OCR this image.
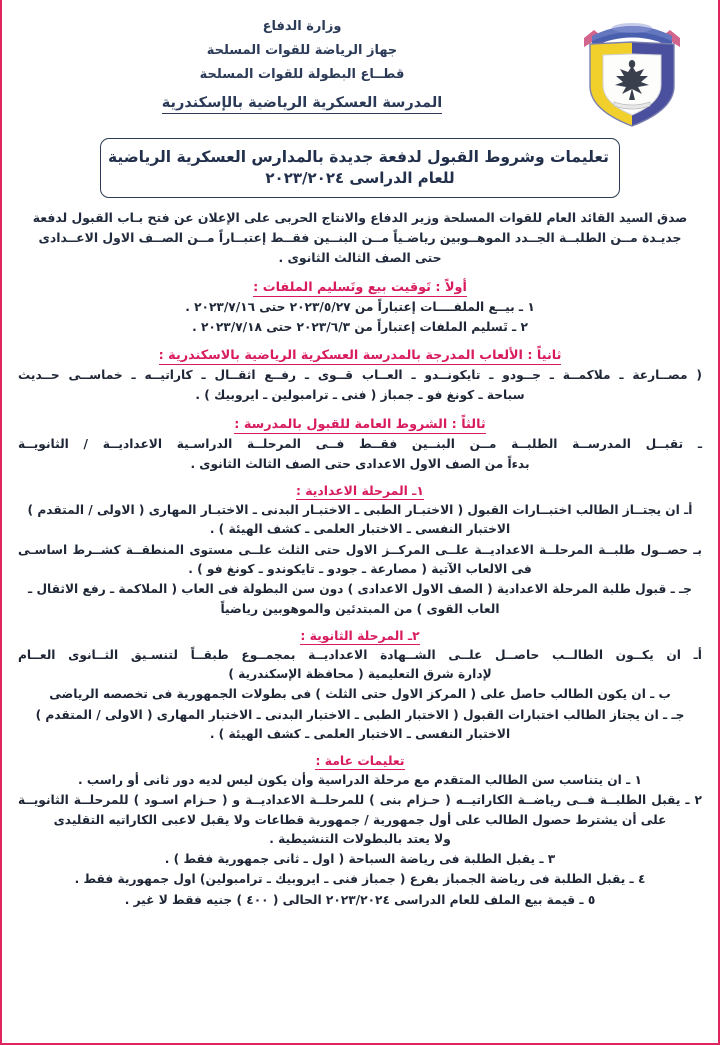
وزارة الدفاع
جهاز الرياضة للقوات المسلحة
قطــاع البطولة للقوات المسلحة
المدرسة العسكرية الرياضية بالإسكندرية
تعليمات وشروط القبول لدفعة جديدة بالمدارس العسكرية الرياضية
للعام الدراسى ٢٠٢٣/٢٠٢٤
صدق السيد القائد العام للقوات المسلحة وزير الدفاع والانتاج الحربى على الإعلان عن فتح بـاب القبول لدفعة
جديـدة مــن الطلبــة الجــدد الموهــوبين رياضـياً مــن البنــين فقــط إعتبــاراً مــن الصــف الاول الاعــدادى
حتى الصف الثالث الثانوى .
أولاً : تَوقيت بيع وتَسليم الملفات :
١ ـ بيــع الملفــــات إعتباراً من ٢٠٢٣/٥/٢٧ حتى ٢٠٢٣/٧/١٦ .
٢ ـ تَسليم الملفات إعتباراً من ٢٠٢٣/٦/٣ حتى ٢٠٢٣/٧/١٨ .
ثانياً : الألعاب المدرجة بالمدرسة العسكرية الرياضية بالاسكندرية :
( مصــارعة ـ ملاكمــة ـ جــودو ـ تايكونــدو ـ العــاب قــوى ـ رفــع اثقــال ـ كاراتيــه ـ خماســى حــديث
سباحة ـ كونغ فو ـ جمباز ( فنى ـ ترامبولين ـ ايروبيك ) .
ثالثاً : الشروط العامة للقبول بالمدرسة :
ـ تقبــل المدرســة الطلبــة مــن البنــين فقــط فــى المرحلــة الدراسـية الاعداديــة / الثانويــة
بدءاً من الصف الاول الاعدادى حتى الصف الثالث الثانوى .
١ـ المرحلة الاعدادية :
أـ ان يجتــاز الطالب اختبــارات القبول ( الاختبـار الطبى ـ الاختبـار البدنى ـ الاختبـار المهارى ( الاولى / المتقدم )
الاختبار النفسى ـ الاختبار العلمى ـ كشف الهيئة ) .
بـ حصــول طلبــة المرحلــة الاعداديــة علــى المركــز الاول حتى الثلث علــى مستوى المنطقــة كشــرط اساسـى
فى الالعاب الآتية ( مصارعة ـ جودو ـ تايكوندو ـ كونغ فو ) .
جـ ـ قبول طلبة المرحلة الاعدادية ( الصف الاول الاعدادى ) دون سن البطولة فى العاب ( الملاكمة ـ رفع الاثقال ـ
العاب القوى ) من المبتدئين والموهوبين رياضياً
٢ـ المرحلة الثانوية :
أـ ان يكــون الطالــب حاصــل علــى الشــهادة الاعداديــة بمجمــوع طبقــاً لتنسـيق الثــانوى العــام
لإدارة شرق التعليمية ( محافظة الإسكندرية )
ب ـ ان يكون الطالب حاصل على ( المركز الاول حتى الثلث ) فى بطولات الجمهورية فى تخصصه الرياضى
جـ ـ ان يجتاز الطالب اختبارات القبول ( الاختبار الطبى ـ الاختبار البدنى ـ الاختبار المهارى ( الاولى / المتقدم )
الاختبار النفسى ـ الاختبار العلمى ـ كشف الهيئة ) .
تعليمات عامة :
١ ـ ان يتناسب سن الطالب المتقدم مع مرحلة الدراسية وأن يكون ليس لديه دور ثانى أو راسب .
٢ ـ يقبل الطلبــة فــى رياضــة الكاراتيــه ( حـزام بنى ) للمرحلــة الاعداديــة و ( حـزام اسـود ) للمرحلــة الثانويــة
على أن يشترط حصول الطالب على أول جمهورية / جمهورية قطاعات ولا يقبل لاعبى الكاراتيه التقليدى
ولا يعتد بالبطولات التنشيطية .
٣ ـ يقبل الطلبة فى رياضة السباحة ( اول ـ ثانى جمهورية فقط ) .
٤ ـ يقبل الطلبة فى رياضة الجمباز بفرع ( جمباز فنى ـ ايروبيك ـ ترامبولين) اول جمهورية فقط .
٥ ـ قيمة بيع الملف للعام الدراسى ٢٠٢٣/٢٠٢٤ الحالى ( ٤٠٠ ) جنيه فقط لا غير .
